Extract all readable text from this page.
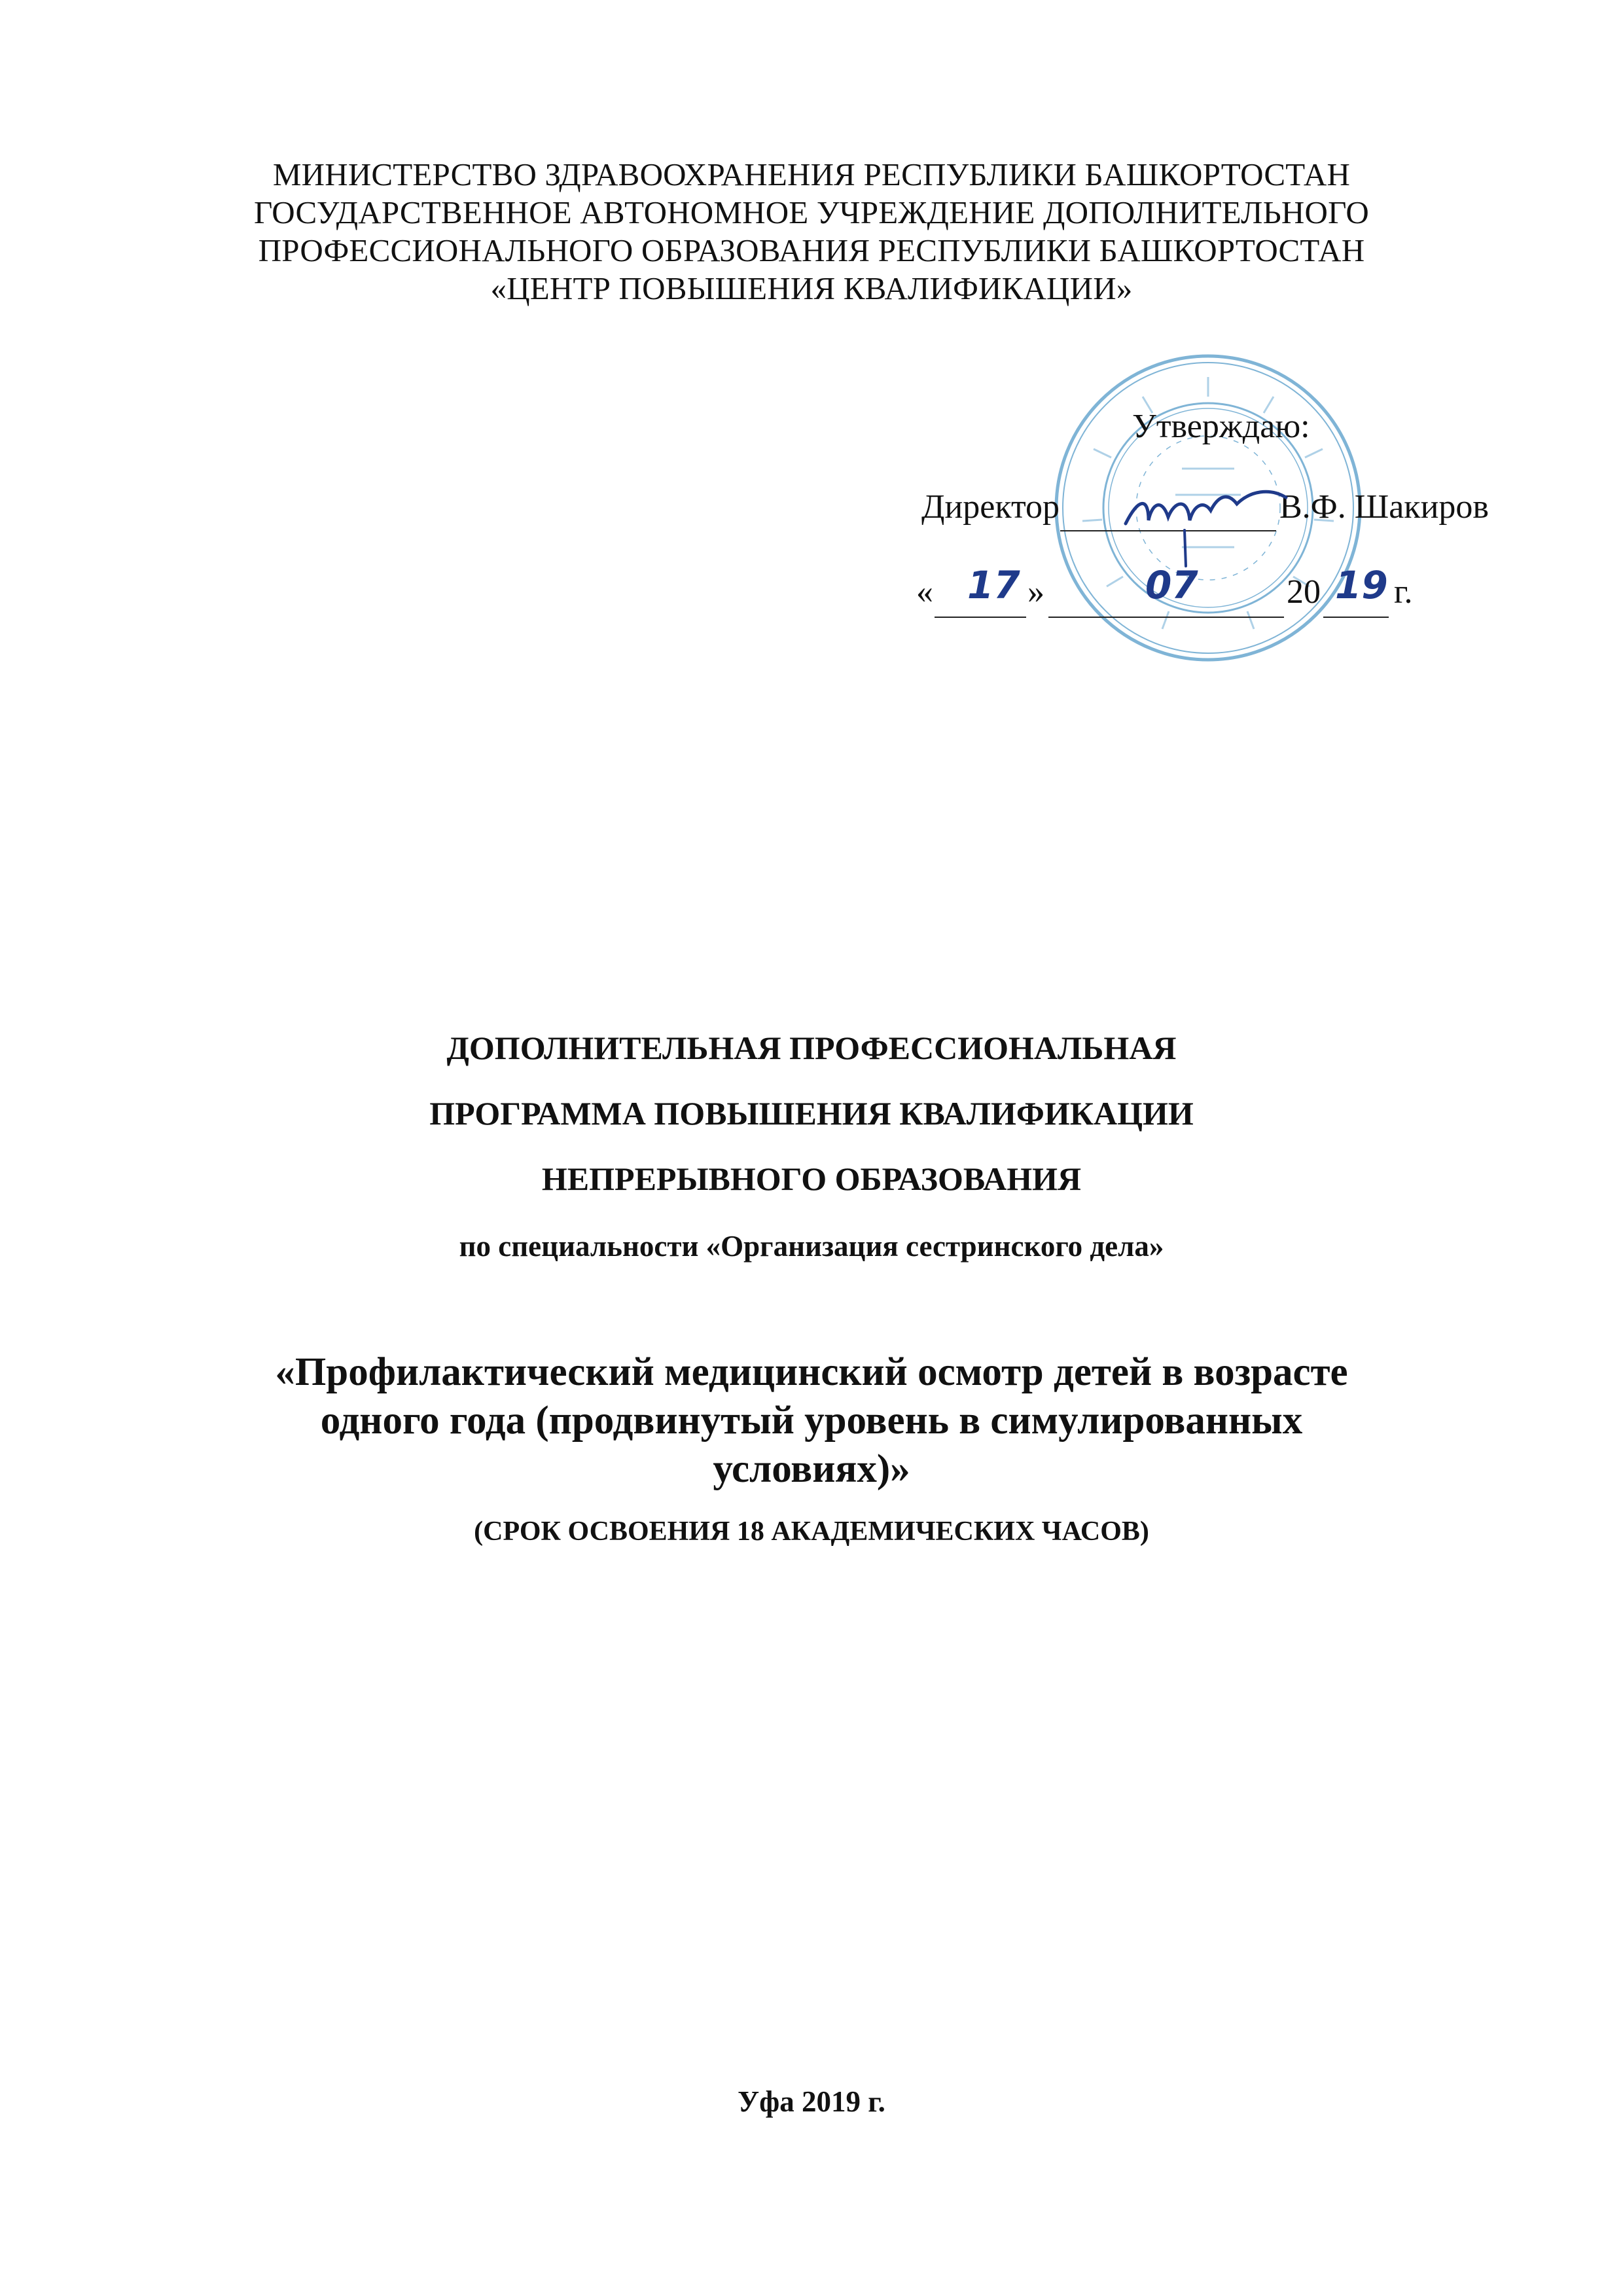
МИНИСТЕРСТВО ЗДРАВООХРАНЕНИЯ РЕСПУБЛИКИ БАШКОРТОСТАН
ГОСУДАРСТВЕННОЕ АВТОНОМНОЕ УЧРЕЖДЕНИЕ ДОПОЛНИТЕЛЬНОГО
ПРОФЕССИОНАЛЬНОГО ОБРАЗОВАНИЯ РЕСПУБЛИКИ БАШКОРТОСТАН
«ЦЕНТР ПОВЫШЕНИЯ КВАЛИФИКАЦИИ»
Утверждаю:
Директор	В.Ф. Шакиров
« 17 »	07	20 19 г.
ДОПОЛНИТЕЛЬНАЯ ПРОФЕССИОНАЛЬНАЯ
ПРОГРАММА ПОВЫШЕНИЯ КВАЛИФИКАЦИИ
НЕПРЕРЫВНОГО ОБРАЗОВАНИЯ
по специальности «Организация сестринского дела»
«Профилактический медицинский осмотр детей в возрасте
одного года (продвинутый уровень в симулированных
условиях)»
(СРОК ОСВОЕНИЯ 18 АКАДЕМИЧЕСКИХ ЧАСОВ)
Уфа 2019 г.
